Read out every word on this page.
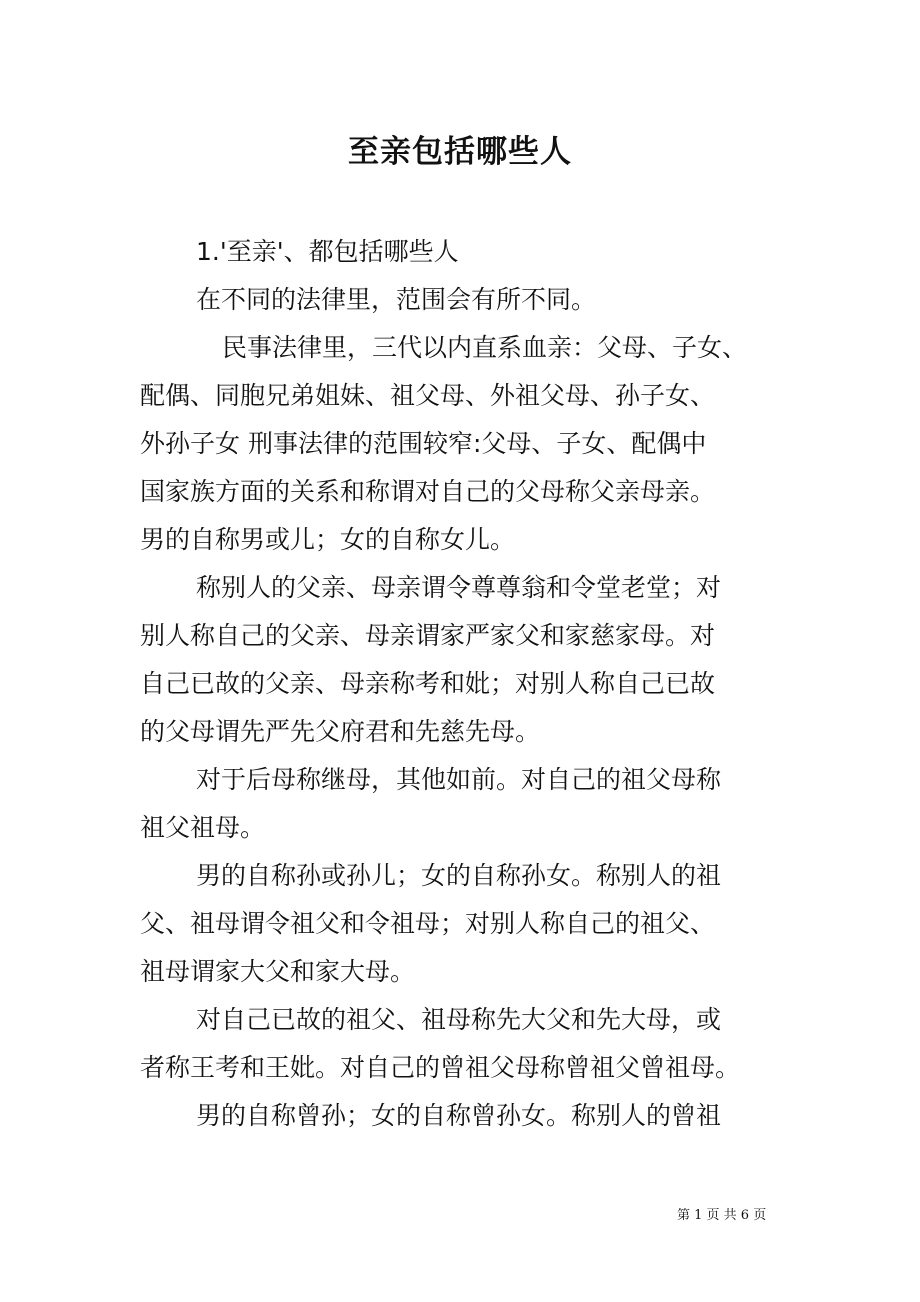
至亲包括哪些人
1.'至亲'、都包括哪些人
在不同的法律里，范围会有所不同。
民事法律里，三代以内直系血亲：父母、子女、
配偶、同胞兄弟姐妹、祖父母、外祖父母、孙子女、
外孙子女 刑事法律的范围较窄:父母、子女、配偶中
国家族方面的关系和称谓对自己的父母称父亲母亲。
男的自称男或儿；女的自称女儿。
称别人的父亲、母亲谓令尊尊翁和令堂老堂；对
别人称自己的父亲、母亲谓家严家父和家慈家母。对
自己已故的父亲、母亲称考和妣；对别人称自己已故
的父母谓先严先父府君和先慈先母。
对于后母称继母，其他如前。对自己的祖父母称
祖父祖母。
男的自称孙或孙儿；女的自称孙女。称别人的祖
父、祖母谓令祖父和令祖母；对别人称自己的祖父、
祖母谓家大父和家大母。
对自己已故的祖父、祖母称先大父和先大母，或
者称王考和王妣。对自己的曾祖父母称曾祖父曾祖母。
男的自称曾孙；女的自称曾孙女。称别人的曾祖
第 1 页 共 6 页
